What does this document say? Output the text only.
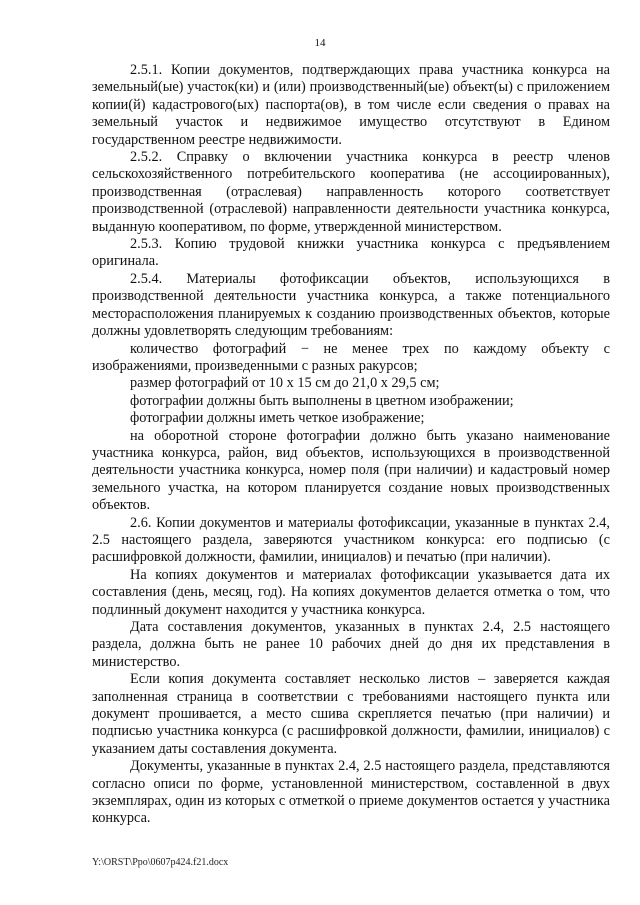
14

2.5.1. Копии документов, подтверждающих права участника конкурса на земельный(ые) участок(ки) и (или) производственный(ые) объект(ы) с приложением копии(й) кадастрового(ых) паспорта(ов), в том числе если сведения о правах на земельный участок и недвижимое имущество отсутствуют в Едином государственном реестре недвижимости.

2.5.2. Справку о включении участника конкурса в реестр членов сельскохозяйственного потребительского кооператива (не ассоциированных), производственная (отраслевая) направленность которого соответствует производственной (отраслевой) направленности деятельности участника конкурса, выданную кооперативом, по форме, утвержденной министерством.

2.5.3. Копию трудовой книжки участника конкурса с предъявлением оригинала.

2.5.4. Материалы фотофиксации объектов, использующихся в производственной деятельности участника конкурса, а также потенциального месторасположения планируемых к созданию производственных объектов, которые должны удовлетворять следующим требованиям:

количество фотографий − не менее трех по каждому объекту с изображениями, произведенными с разных ракурсов;

размер фотографий от 10 x 15 см до 21,0 x 29,5 см;

фотографии должны быть выполнены в цветном изображении;

фотографии должны иметь четкое изображение;

на оборотной стороне фотографии должно быть указано наименование участника конкурса, район, вид объектов, использующихся в производственной деятельности участника конкурса, номер поля (при наличии) и кадастровый номер земельного участка, на котором планируется создание новых производственных объектов.

2.6. Копии документов и материалы фотофиксации, указанные в пунктах 2.4, 2.5 настоящего раздела, заверяются участником конкурса: его подписью (с расшифровкой должности, фамилии, инициалов) и печатью (при наличии).

На копиях документов и материалах фотофиксации указывается дата их составления (день, месяц, год). На копиях документов делается отметка о том, что подлинный документ находится у участника конкурса.

Дата составления документов, указанных в пунктах 2.4, 2.5 настоящего раздела, должна быть не ранее 10 рабочих дней до дня их представления в министерство.

Если копия документа составляет несколько листов – заверяется каждая заполненная страница в соответствии с требованиями настоящего пункта или документ прошивается, а место сшива скрепляется печатью (при наличии) и подписью участника конкурса (с расшифровкой должности, фамилии, инициалов) с указанием даты составления документа.

Документы, указанные в пунктах 2.4, 2.5 настоящего раздела, представляются согласно описи по форме, установленной министерством, составленной в двух экземплярах, один из которых с отметкой о приеме документов остается у участника конкурса.

Y:\ORST\Ppo\0607p424.f21.docx
